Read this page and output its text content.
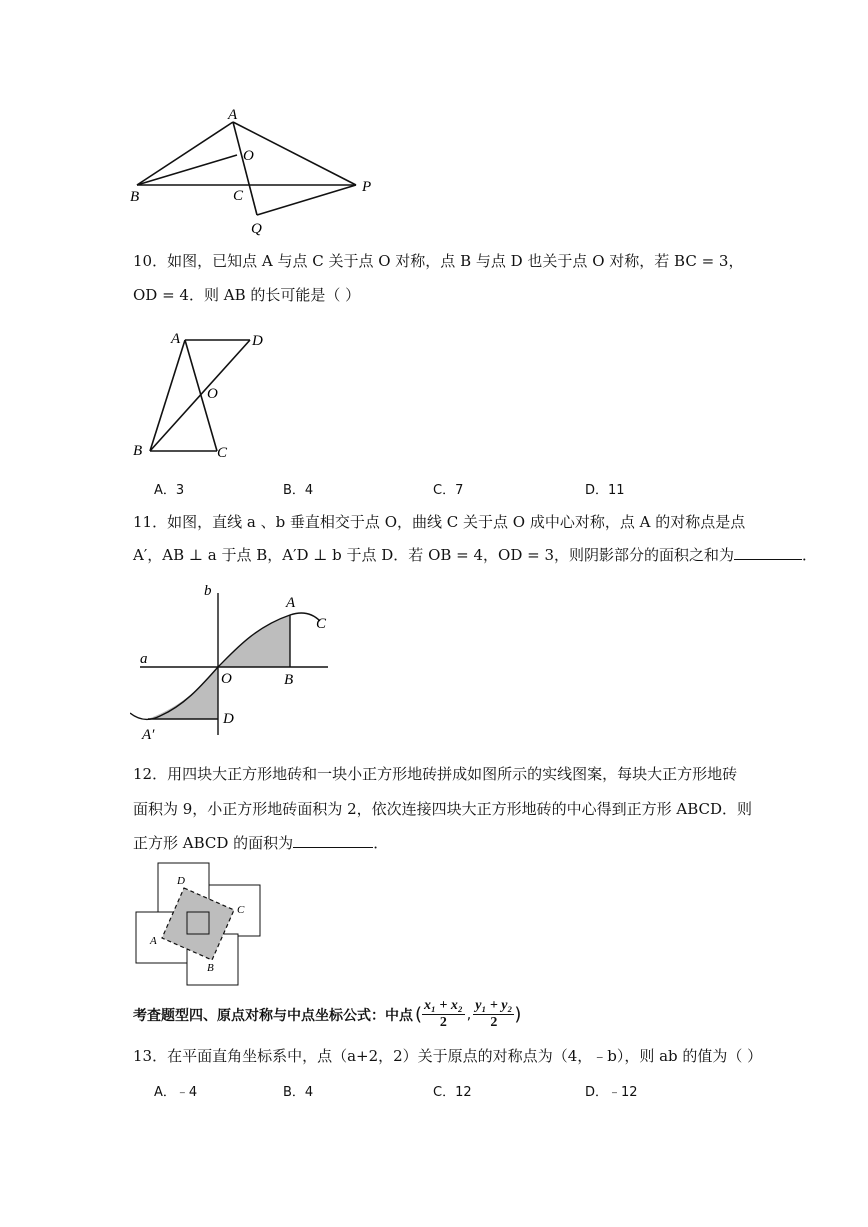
A
O
B	C
P
Q
10．如图，已知点 A 与点 C 关于点 O 对称，点 B 与点 D 也关于点 O 对称，若 BC = 3，
OD = 4．则 AB 的长可能是（ ）
A	D
O
B	C
A．3	B．4	C．7	D．11
11．如图，直线 a 、b 垂直相交于点 O，曲线 C 关于点 O 成中心对称，点 A 的对称点是点
A′，AB ⊥ a 于点 B，A′D ⊥ b 于点 D．若 OB = 4，OD = 3，则阴影部分的面积之和为	．
b
A
C
a
O	B
D
A′
12．用四块大正方形地砖和一块小正方形地砖拼成如图所示的实线图案，每块大正方形地砖
面积为 9，小正方形地砖面积为 2，依次连接四块大正方形地砖的中心得到正方形 ABCD．则
正方形 ABCD 的面积为	．
D
C
A
B
考査题型四、原点对称与中点坐标公式：中点 ( $\frac{\text{x₁ + x₂}}{2}$ , $\frac{\text{y₁ + y₂}}{2}$ )
13．在平面直角坐标系中，点（a+2，2）关于原点的对称点为（4，﹣b），则 ab 的值为（ ）
A．﹣4	B．4	C．12	D．﹣12
